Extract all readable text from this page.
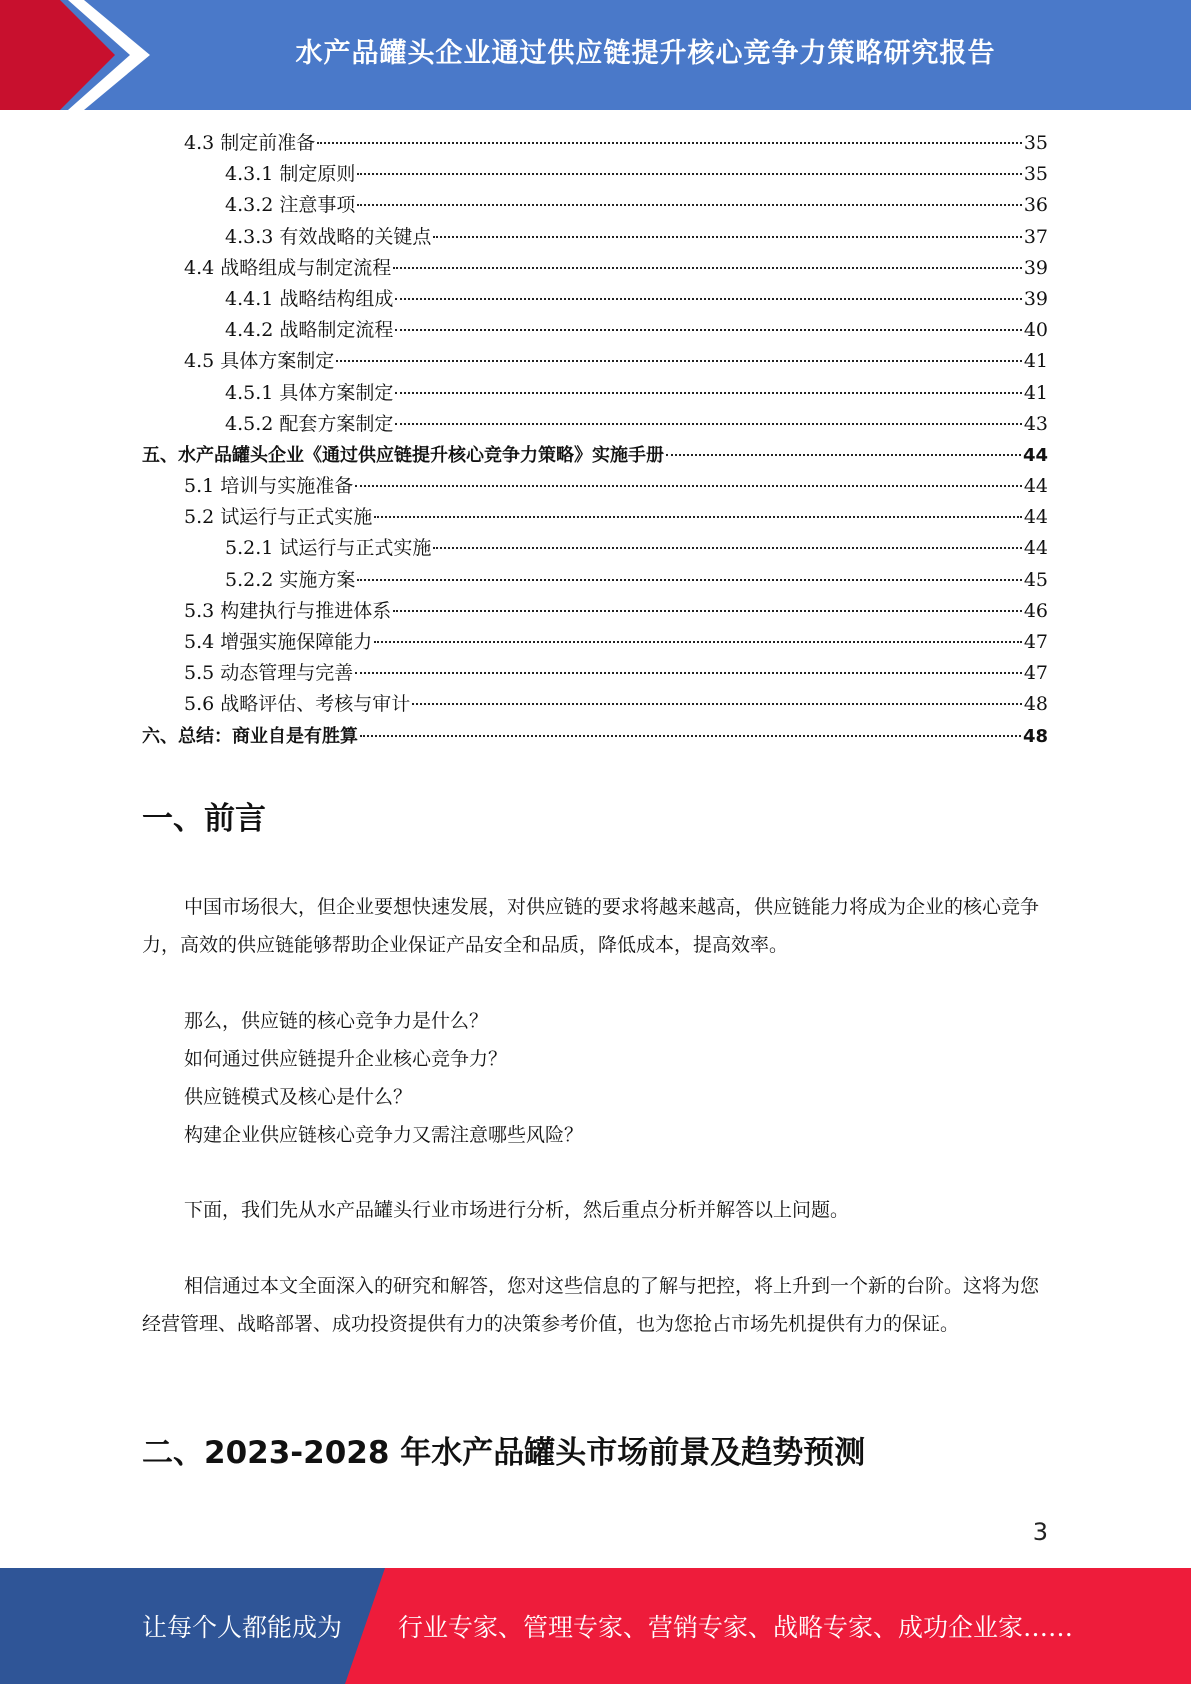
水产品罐头企业通过供应链提升核心竞争力策略研究报告
4.3 制定前准备	35
4.3.1 制定原则	35
4.3.2 注意事项	36
4.3.3 有效战略的关键点	37
4.4 战略组成与制定流程	39
4.4.1 战略结构组成	39
4.4.2 战略制定流程	40
4.5 具体方案制定	41
4.5.1 具体方案制定	41
4.5.2 配套方案制定	43
五、水产品罐头企业《通过供应链提升核心竞争力策略》实施手册	44
5.1 培训与实施准备	44
5.2 试运行与正式实施	44
5.2.1 试运行与正式实施	44
5.2.2 实施方案	45
5.3 构建执行与推进体系	46
5.4 增强实施保障能力	47
5.5 动态管理与完善	47
5.6 战略评估、考核与审计	48
六、总结：商业自是有胜算	48
一、前言
中国市场很大，但企业要想快速发展，对供应链的要求将越来越高，供应链能力将成为企业的核心竞争力，高效的供应链能够帮助企业保证产品安全和品质，降低成本，提高效率。
那么，供应链的核心竞争力是什么？
如何通过供应链提升企业核心竞争力？
供应链模式及核心是什么？
构建企业供应链核心竞争力又需注意哪些风险？
下面，我们先从水产品罐头行业市场进行分析，然后重点分析并解答以上问题。
相信通过本文全面深入的研究和解答，您对这些信息的了解与把控，将上升到一个新的台阶。这将为您经营管理、战略部署、成功投资提供有力的决策参考价值，也为您抢占市场先机提供有力的保证。
二、2023-2028 年水产品罐头市场前景及趋势预测
3
让每个人都能成为 行业专家、管理专家、营销专家、战略专家、成功企业家……
